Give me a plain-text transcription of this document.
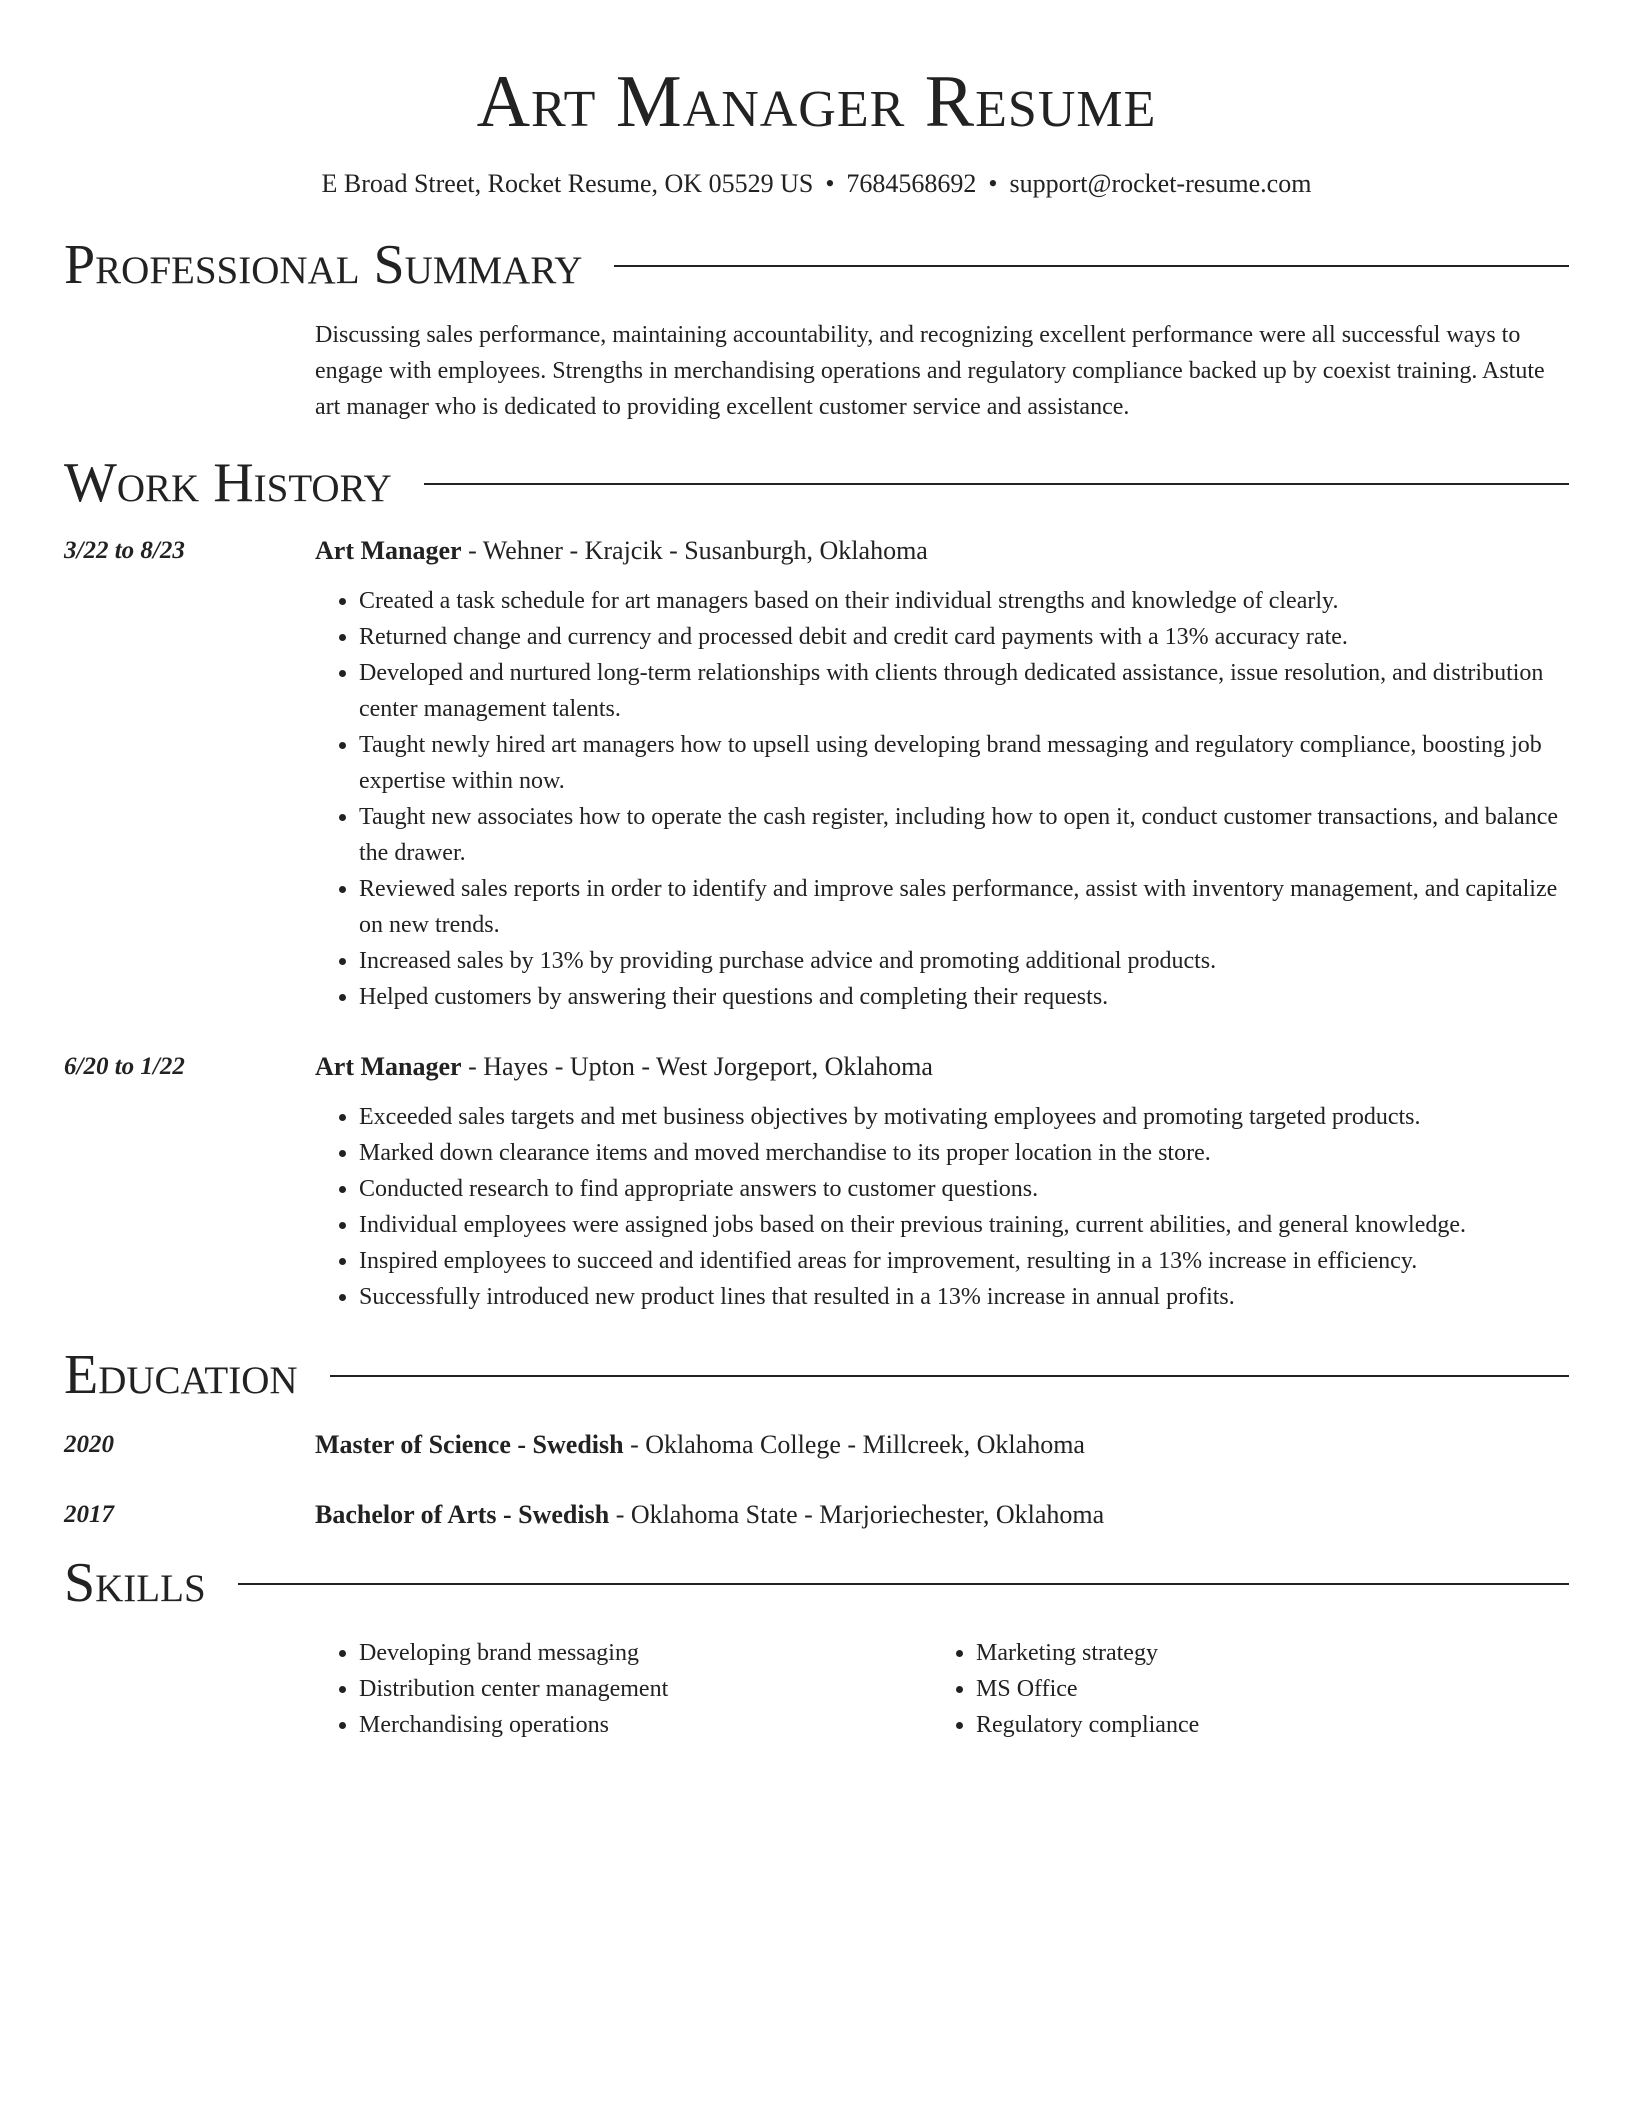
Art Manager Resume
E Broad Street, Rocket Resume, OK 05529 US • 7684568692 • support@rocket-resume.com
Professional Summary

Discussing sales performance, maintaining accountability, and recognizing excellent performance were all successful ways to engage with employees. Strengths in merchandising operations and regulatory compliance backed up by coexist training. Astute art manager who is dedicated to providing excellent customer service and assistance.

Work History
3/22 to 8/23	Art Manager - Wehner - Krajcik - Susanburgh, Oklahoma
• Created a task schedule for art managers based on their individual strengths and knowledge of clearly.
• Returned change and currency and processed debit and credit card payments with a 13% accuracy rate.
• Developed and nurtured long-term relationships with clients through dedicated assistance, issue resolution, and distribution center management talents.
• Taught newly hired art managers how to upsell using developing brand messaging and regulatory compliance, boosting job expertise within now.
• Taught new associates how to operate the cash register, including how to open it, conduct customer transactions, and balance the drawer.
• Reviewed sales reports in order to identify and improve sales performance, assist with inventory management, and capitalize on new trends.
• Increased sales by 13% by providing purchase advice and promoting additional products.
• Helped customers by answering their questions and completing their requests.
6/20 to 1/22	Art Manager - Hayes - Upton - West Jorgeport, Oklahoma
• Exceeded sales targets and met business objectives by motivating employees and promoting targeted products.
• Marked down clearance items and moved merchandise to its proper location in the store.
• Conducted research to find appropriate answers to customer questions.
• Individual employees were assigned jobs based on their previous training, current abilities, and general knowledge.
• Inspired employees to succeed and identified areas for improvement, resulting in a 13% increase in efficiency.
• Successfully introduced new product lines that resulted in a 13% increase in annual profits.
Education
2020	Master of Science - Swedish - Oklahoma College - Millcreek, Oklahoma
2017	Bachelor of Arts - Swedish - Oklahoma State - Marjoriechester, Oklahoma
Skills
• Developing brand messaging
• Distribution center management
• Merchandising operations
• Marketing strategy
• MS Office
• Regulatory compliance
